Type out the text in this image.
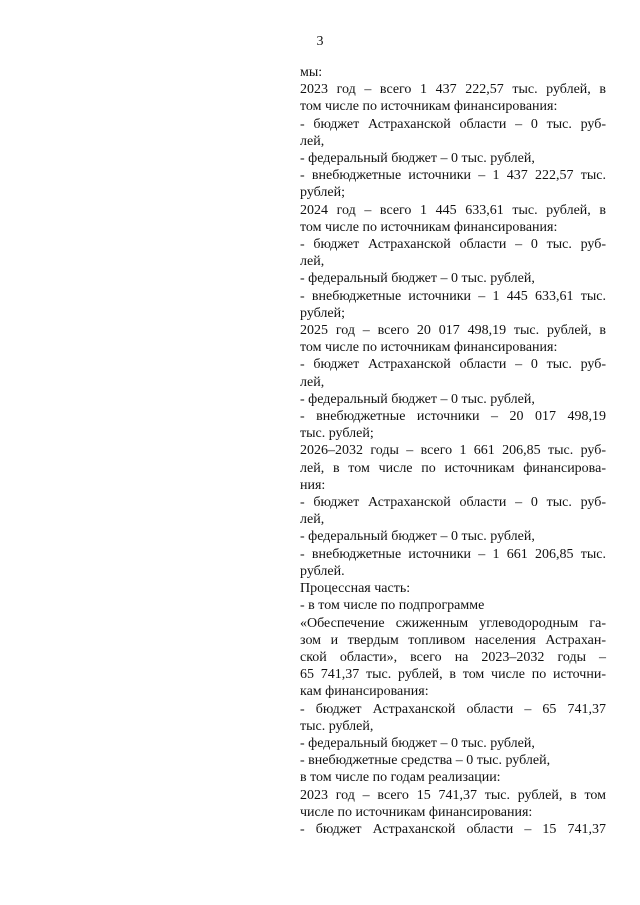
3
мы:
2023 год – всего 1 437 222,57 тыс. рублей, в
том числе по источникам финансирования:
- бюджет Астраханской области – 0 тыс. руб-
лей,
- федеральный бюджет – 0 тыс. рублей,
- внебюджетные источники – 1 437 222,57 тыс.
рублей;
2024 год – всего 1 445 633,61 тыс. рублей, в
том числе по источникам финансирования:
- бюджет Астраханской области – 0 тыс. руб-
лей,
- федеральный бюджет – 0 тыс. рублей,
- внебюджетные источники – 1 445 633,61 тыс.
рублей;
2025 год – всего 20 017 498,19 тыс. рублей, в
том числе по источникам финансирования:
- бюджет Астраханской области – 0 тыс. руб-
лей,
- федеральный бюджет – 0 тыс. рублей,
- внебюджетные источники – 20 017 498,19
тыс. рублей;
2026–2032 годы – всего 1 661 206,85 тыс. руб-
лей, в том числе по источникам финансирова-
ния:
- бюджет Астраханской области – 0 тыс. руб-
лей,
- федеральный бюджет – 0 тыс. рублей,
- внебюджетные источники – 1 661 206,85 тыс.
рублей.
Процессная часть:
- в том числе по подпрограмме
«Обеспечение сжиженным углеводородным га-
зом и твердым топливом населения Астрахан-
ской области», всего на 2023–2032 годы –
65 741,37 тыс. рублей, в том числе по источни-
кам финансирования:
- бюджет Астраханской области – 65 741,37
тыс. рублей,
- федеральный бюджет – 0 тыс. рублей,
- внебюджетные средства – 0 тыс. рублей,
в том числе по годам реализации:
2023 год – всего 15 741,37 тыс. рублей, в том
числе по источникам финансирования:
- бюджет Астраханской области – 15 741,37
